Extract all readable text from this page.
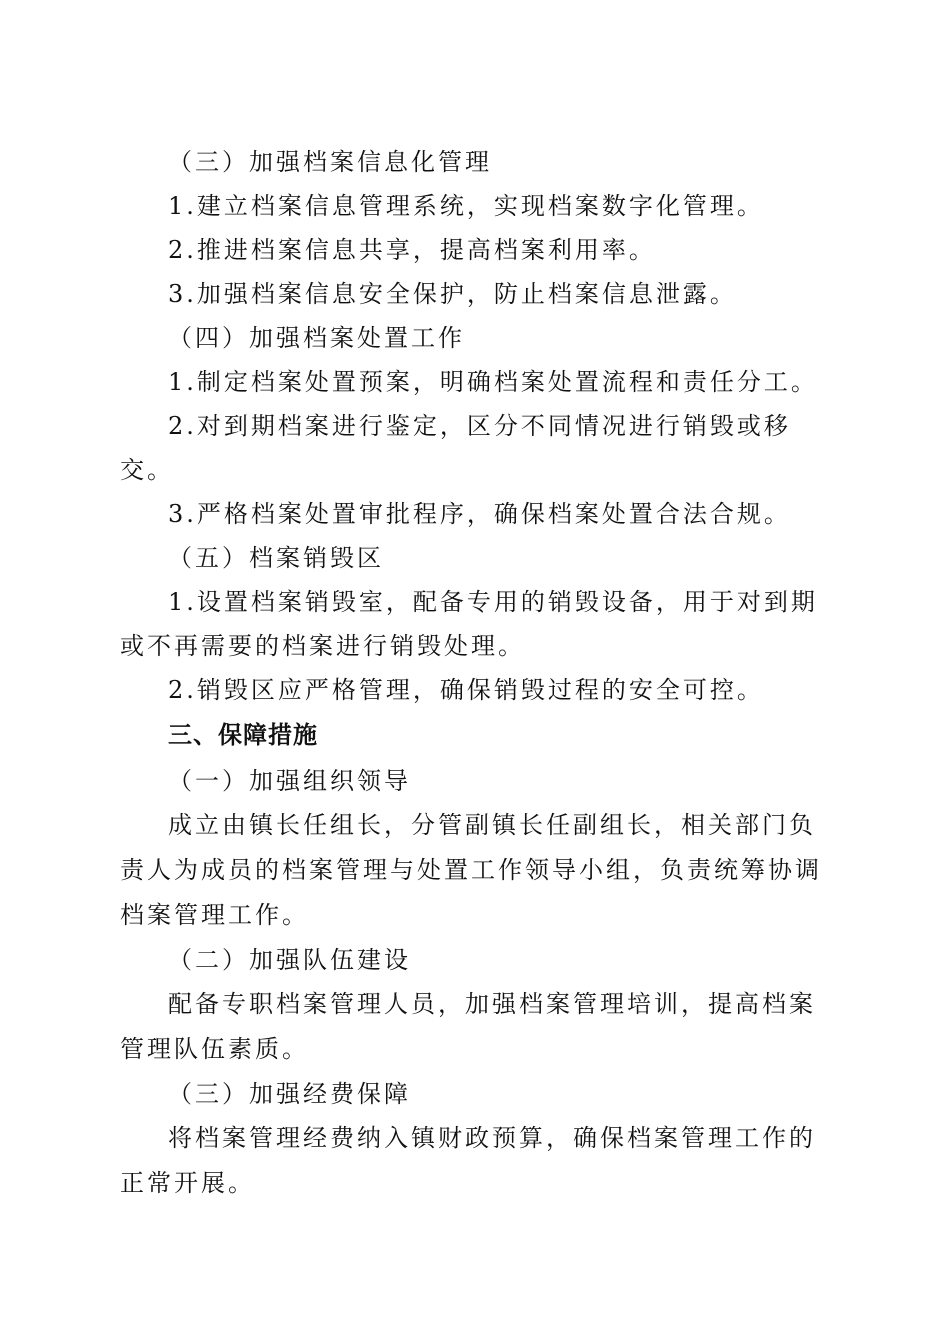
（三）加强档案信息化管理

1.建立档案信息管理系统，实现档案数字化管理。

2.推进档案信息共享，提高档案利用率。

3.加强档案信息安全保护，防止档案信息泄露。

（四）加强档案处置工作

1.制定档案处置预案，明确档案处置流程和责任分工。

2.对到期档案进行鉴定，区分不同情况进行销毁或移交。

3.严格档案处置审批程序，确保档案处置合法合规。

（五）档案销毁区

1.设置档案销毁室，配备专用的销毁设备，用于对到期或不再需要的档案进行销毁处理。

2.销毁区应严格管理，确保销毁过程的安全可控。

三、保障措施

（一）加强组织领导

成立由镇长任组长，分管副镇长任副组长，相关部门负责人为成员的档案管理与处置工作领导小组，负责统筹协调档案管理工作。

（二）加强队伍建设

配备专职档案管理人员，加强档案管理培训，提高档案管理队伍素质。

（三）加强经费保障

将档案管理经费纳入镇财政预算，确保档案管理工作的正常开展。
